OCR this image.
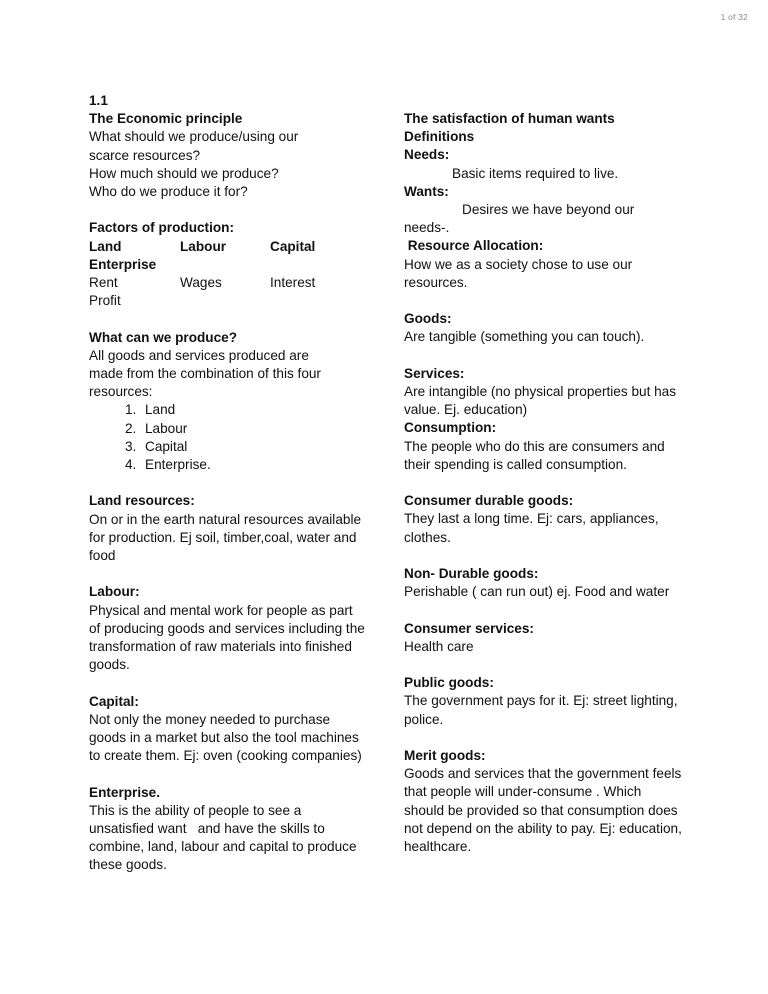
1 of 32
1.1
The Economic principle
What should we produce/using our
scarce resources?
How much should we produce?
Who do we produce it for?
Factors of production:
Land	Labour	Capital
Enterprise
Rent	Wages	Interest
Profit
What can we produce?
All goods and services produced are
made from the combination of this four
resources:
1. Land
2. Labour
3. Capital
4. Enterprise.
Land resources:
On or in the earth natural resources available for production. Ej soil, timber,coal, water and food
Labour:
Physical and mental work for people as part of producing goods and services including the transformation of raw materials into finished goods.
Capital:
Not only the money needed to purchase goods in a market but also the tool machines to create them. Ej: oven (cooking companies)
Enterprise.
This is the ability of people to see a unsatisfied want   and have the skills to combine, land, labour and capital to produce these goods.
The satisfaction of human wants
Definitions
Needs:
Basic items required to live.
Wants:
Desires we have beyond our
needs-.
Resource Allocation:
How we as a society chose to use our resources.
Goods:
Are tangible (something you can touch).
Services:
Are intangible (no physical properties but has value. Ej. education)
Consumption:
The people who do this are consumers and their spending is called consumption.
Consumer durable goods:
They last a long time. Ej: cars, appliances, clothes.
Non- Durable goods:
Perishable ( can run out) ej. Food and water
Consumer services:
Health care
Public goods:
The government pays for it. Ej: street lighting, police.
Merit goods:
Goods and services that the government feels that people will under-consume . Which should be provided so that consumption does not depend on the ability to pay. Ej: education, healthcare.
